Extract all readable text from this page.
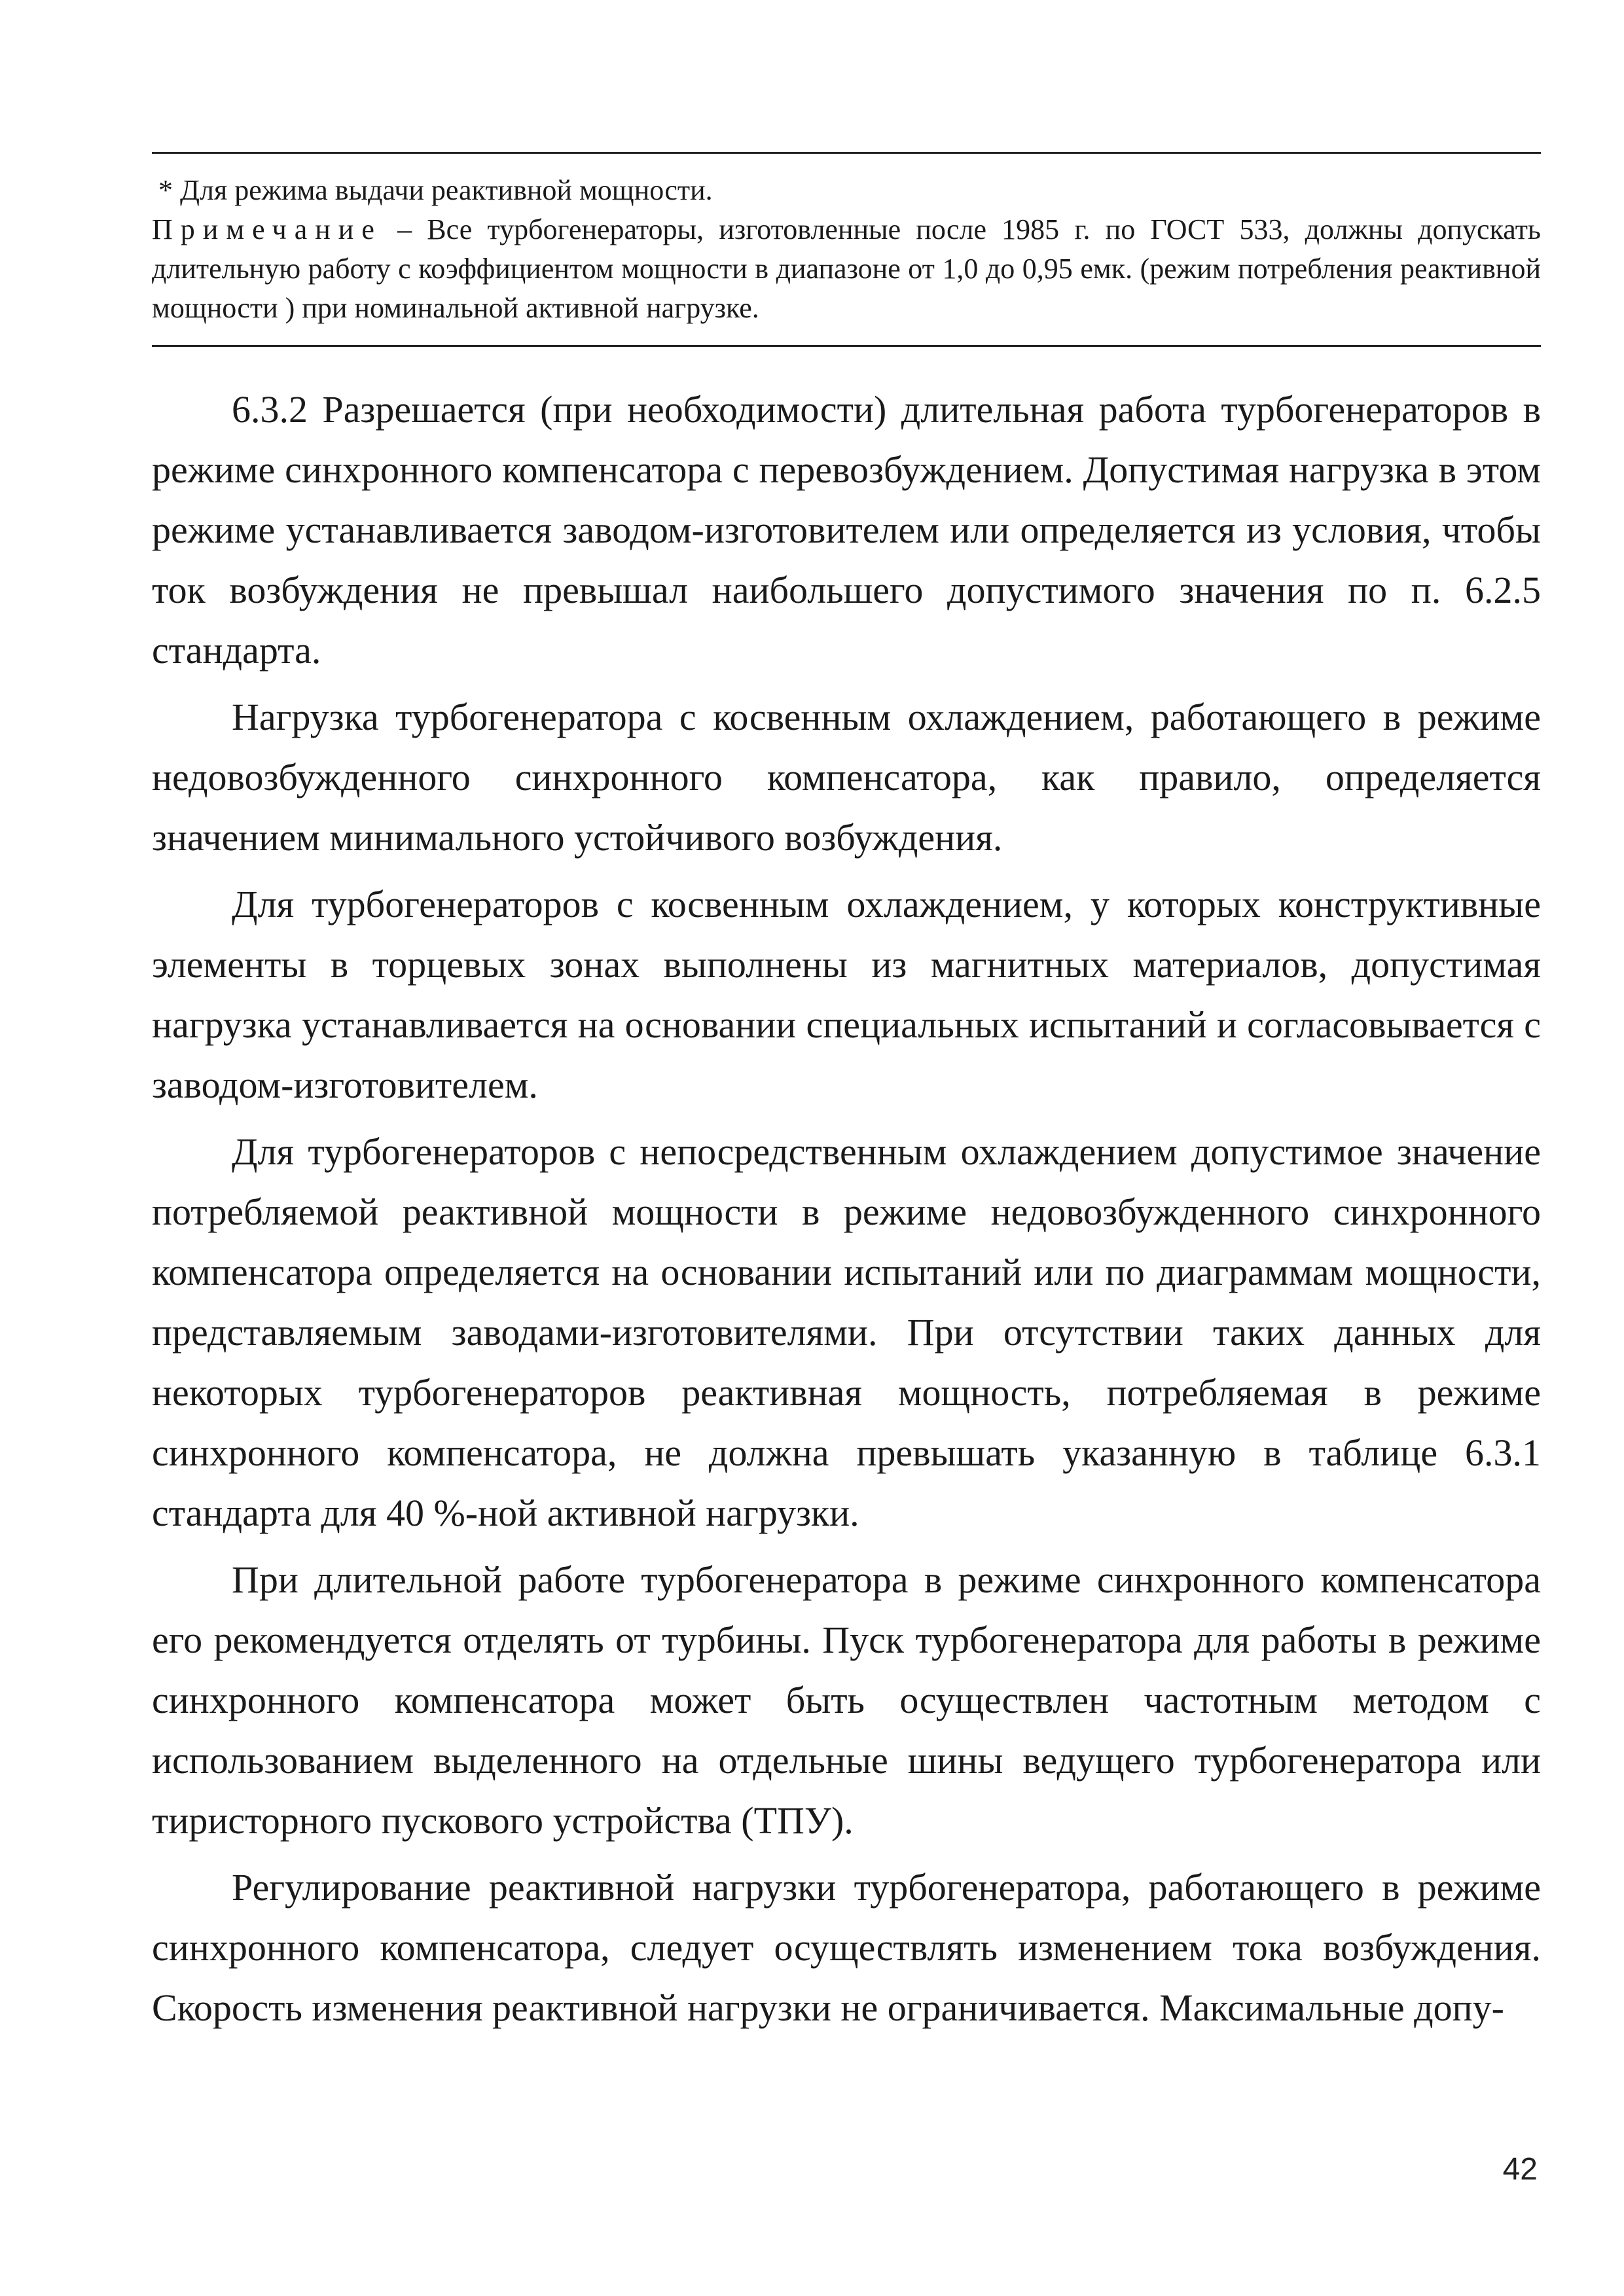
* Для режима выдачи реактивной мощности.

Примечание – Все турбогенераторы, изготовленные после 1985 г. по ГОСТ 533, должны допускать длительную работу с коэффициентом мощности в диапазоне от 1,0 до 0,95 емк. (режим потребления реактивной мощности ) при номинальной активной нагрузке.

6.3.2 Разрешается (при необходимости) длительная работа турбогенераторов в режиме синхронного компенсатора с перевозбуждением. Допустимая нагрузка в этом режиме устанавливается заводом-изготовителем или определяется из условия, чтобы ток возбуждения не превышал наибольшего допустимого значения по п. 6.2.5 стандарта.

Нагрузка турбогенератора с косвенным охлаждением, работающего в режиме недовозбужденного синхронного компенсатора, как правило, определяется значением минимального устойчивого возбуждения.

Для турбогенераторов с косвенным охлаждением, у которых конструктивные элементы в торцевых зонах выполнены из магнитных материалов, допустимая нагрузка устанавливается на основании специальных испытаний и согласовывается с заводом-изготовителем.

Для турбогенераторов с непосредственным охлаждением допустимое значение потребляемой реактивной мощности в режиме недовозбужденного синхронного компенсатора определяется на основании испытаний или по диаграммам мощности, представляемым заводами-изготовителями. При отсутствии таких данных для некоторых турбогенераторов реактивная мощность, потребляемая в режиме синхронного компенсатора, не должна превышать указанную в таблице 6.3.1 стандарта для 40 %-ной активной нагрузки.

При длительной работе турбогенератора в режиме синхронного компенсатора его рекомендуется отделять от турбины. Пуск турбогенератора для работы в режиме синхронного компенсатора может быть осуществлен частотным методом с использованием выделенного на отдельные шины ведущего турбогенератора или тиристорного пускового устройства (ТПУ).

Регулирование реактивной нагрузки турбогенератора, работающего в режиме синхронного компенсатора, следует осуществлять изменением тока возбуждения. Скорость изменения реактивной нагрузки не ограничивается. Максимальные допу-

42
